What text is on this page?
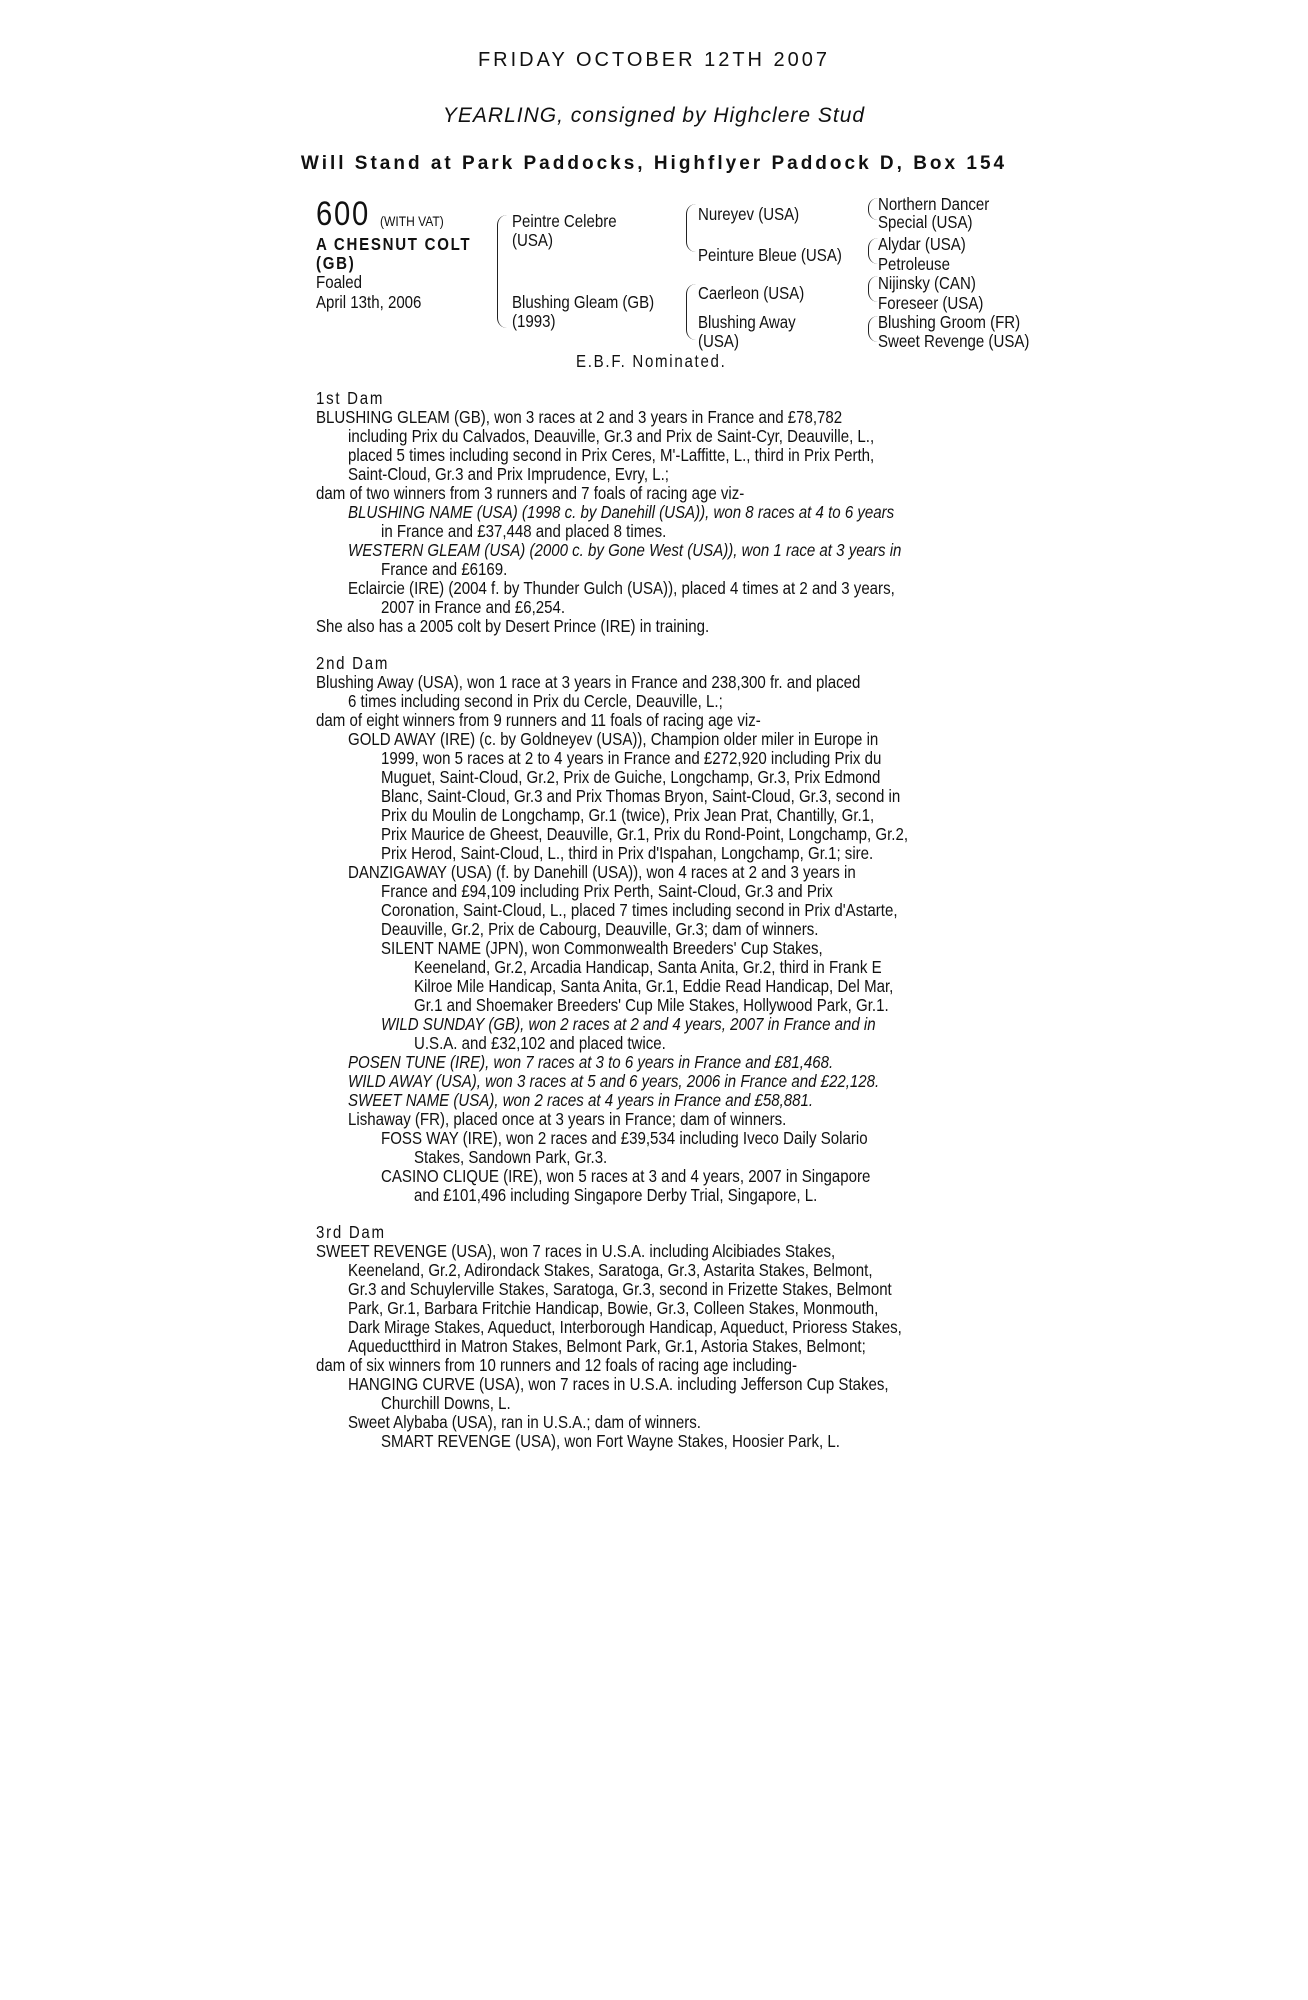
FRIDAY OCTOBER 12TH 2007
YEARLING, consigned by Highclere Stud
Will Stand at Park Paddocks, Highflyer Paddock D, Box 154
600 (WITH VAT)
A CHESNUT COLT
(GB)
Foaled
April 13th, 2006
Peintre Celebre
(USA)
Blushing Gleam (GB)
(1993)
Nureyev (USA)
Peinture Bleue (USA)
Caerleon (USA)
Blushing Away
(USA)
Northern Dancer
Special (USA)
Alydar (USA)
Petroleuse
Nijinsky (CAN)
Foreseer (USA)
Blushing Groom (FR)
Sweet Revenge (USA)
E.B.F. Nominated.
1st Dam
BLUSHING GLEAM (GB), won 3 races at 2 and 3 years in France and £78,782
including Prix du Calvados, Deauville, Gr.3 and Prix de Saint-Cyr, Deauville, L.,
placed 5 times including second in Prix Ceres, M'-Laffitte, L., third in Prix Perth,
Saint-Cloud, Gr.3 and Prix Imprudence, Evry, L.;
dam of two winners from 3 runners and 7 foals of racing age viz-
BLUSHING NAME (USA) (1998 c. by Danehill (USA)), won 8 races at 4 to 6 years
in France and £37,448 and placed 8 times.
WESTERN GLEAM (USA) (2000 c. by Gone West (USA)), won 1 race at 3 years in
France and £6169.
Eclaircie (IRE) (2004 f. by Thunder Gulch (USA)), placed 4 times at 2 and 3 years,
2007 in France and £6,254.
She also has a 2005 colt by Desert Prince (IRE) in training.
2nd Dam
Blushing Away (USA), won 1 race at 3 years in France and 238,300 fr. and placed
6 times including second in Prix du Cercle, Deauville, L.;
dam of eight winners from 9 runners and 11 foals of racing age viz-
GOLD AWAY (IRE) (c. by Goldneyev (USA)), Champion older miler in Europe in
1999, won 5 races at 2 to 4 years in France and £272,920 including Prix du
Muguet, Saint-Cloud, Gr.2, Prix de Guiche, Longchamp, Gr.3, Prix Edmond
Blanc, Saint-Cloud, Gr.3 and Prix Thomas Bryon, Saint-Cloud, Gr.3, second in
Prix du Moulin de Longchamp, Gr.1 (twice), Prix Jean Prat, Chantilly, Gr.1,
Prix Maurice de Gheest, Deauville, Gr.1, Prix du Rond-Point, Longchamp, Gr.2,
Prix Herod, Saint-Cloud, L., third in Prix d'Ispahan, Longchamp, Gr.1; sire.
DANZIGAWAY (USA) (f. by Danehill (USA)), won 4 races at 2 and 3 years in
France and £94,109 including Prix Perth, Saint-Cloud, Gr.3 and Prix
Coronation, Saint-Cloud, L., placed 7 times including second in Prix d'Astarte,
Deauville, Gr.2, Prix de Cabourg, Deauville, Gr.3; dam of winners.
SILENT NAME (JPN), won Commonwealth Breeders' Cup Stakes,
Keeneland, Gr.2, Arcadia Handicap, Santa Anita, Gr.2, third in Frank E
Kilroe Mile Handicap, Santa Anita, Gr.1, Eddie Read Handicap, Del Mar,
Gr.1 and Shoemaker Breeders' Cup Mile Stakes, Hollywood Park, Gr.1.
WILD SUNDAY (GB), won 2 races at 2 and 4 years, 2007 in France and in
U.S.A. and £32,102 and placed twice.
POSEN TUNE (IRE), won 7 races at 3 to 6 years in France and £81,468.
WILD AWAY (USA), won 3 races at 5 and 6 years, 2006 in France and £22,128.
SWEET NAME (USA), won 2 races at 4 years in France and £58,881.
Lishaway (FR), placed once at 3 years in France; dam of winners.
FOSS WAY (IRE), won 2 races and £39,534 including Iveco Daily Solario
Stakes, Sandown Park, Gr.3.
CASINO CLIQUE (IRE), won 5 races at 3 and 4 years, 2007 in Singapore
and £101,496 including Singapore Derby Trial, Singapore, L.
3rd Dam
SWEET REVENGE (USA), won 7 races in U.S.A. including Alcibiades Stakes,
Keeneland, Gr.2, Adirondack Stakes, Saratoga, Gr.3, Astarita Stakes, Belmont,
Gr.3 and Schuylerville Stakes, Saratoga, Gr.3, second in Frizette Stakes, Belmont
Park, Gr.1, Barbara Fritchie Handicap, Bowie, Gr.3, Colleen Stakes, Monmouth,
Dark Mirage Stakes, Aqueduct, Interborough Handicap, Aqueduct, Prioress Stakes,
Aqueductthird in Matron Stakes, Belmont Park, Gr.1, Astoria Stakes, Belmont;
dam of six winners from 10 runners and 12 foals of racing age including-
HANGING CURVE (USA), won 7 races in U.S.A. including Jefferson Cup Stakes,
Churchill Downs, L.
Sweet Alybaba (USA), ran in U.S.A.; dam of winners.
SMART REVENGE (USA), won Fort Wayne Stakes, Hoosier Park, L.
